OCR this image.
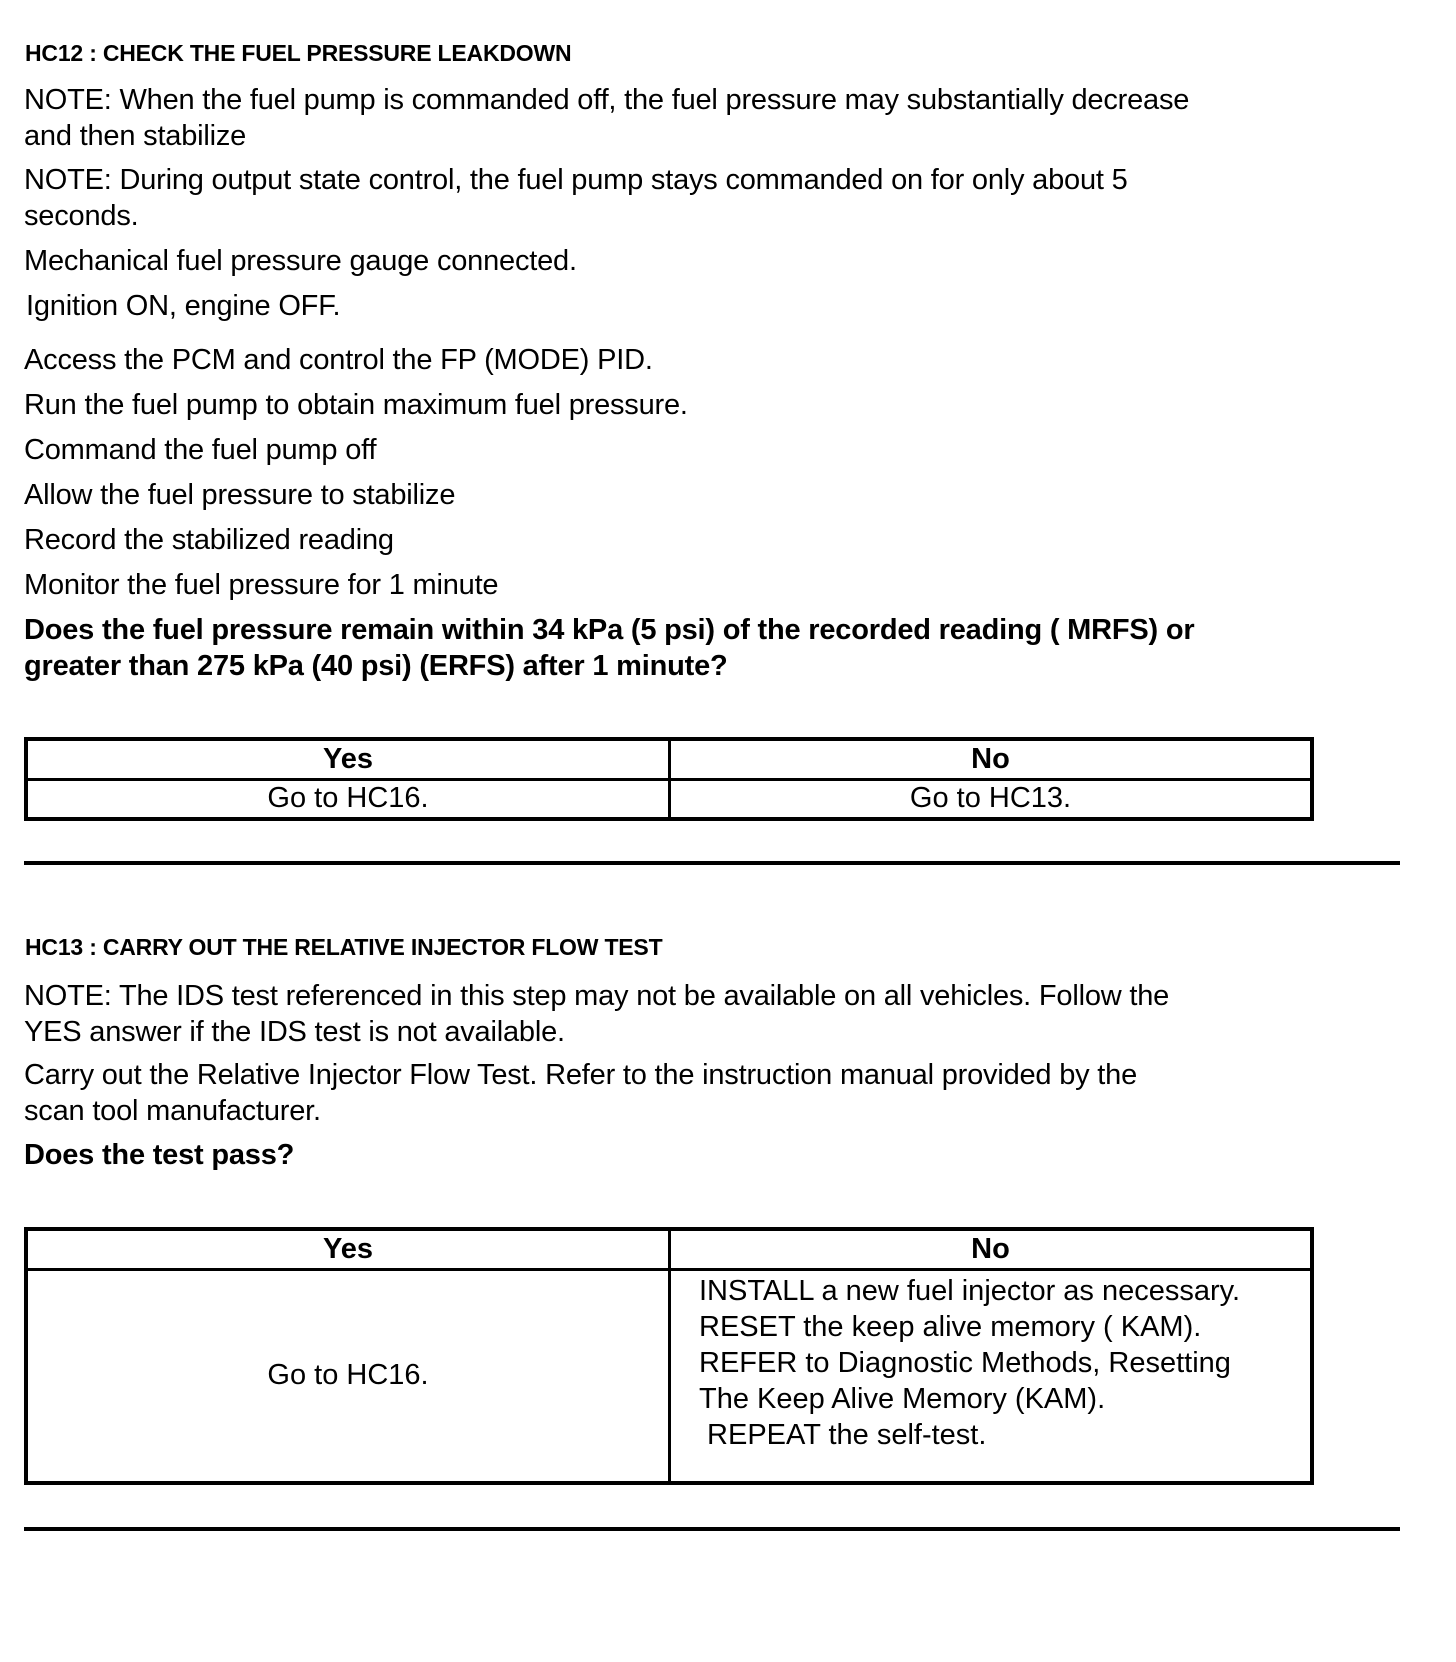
HC12 : CHECK THE FUEL PRESSURE LEAKDOWN
NOTE: When the fuel pump is commanded off, the fuel pressure may substantially decrease
and then stabilize
NOTE: During output state control, the fuel pump stays commanded on for only about 5
seconds.
Mechanical fuel pressure gauge connected.
Ignition ON, engine OFF.
Access the PCM and control the FP (MODE) PID.
Run the fuel pump to obtain maximum fuel pressure.
Command the fuel pump off
Allow the fuel pressure to stabilize
Record the stabilized reading
Monitor the fuel pressure for 1 minute
Does the fuel pressure remain within 34 kPa (5 psi) of the recorded reading ( MRFS) or
greater than 275 kPa (40 psi) (ERFS) after 1 minute?
Yes	No
Go to HC16.	Go to HC13.
HC13 : CARRY OUT THE RELATIVE INJECTOR FLOW TEST
NOTE: The IDS test referenced in this step may not be available on all vehicles. Follow the
YES answer if the IDS test is not available.
Carry out the Relative Injector Flow Test. Refer to the instruction manual provided by the
scan tool manufacturer.
Does the test pass?
Yes	No
Go to HC16.	INSTALL a new fuel injector as necessary.
RESET the keep alive memory ( KAM).
REFER to Diagnostic Methods, Resetting
The Keep Alive Memory (KAM).
REPEAT the self-test.
